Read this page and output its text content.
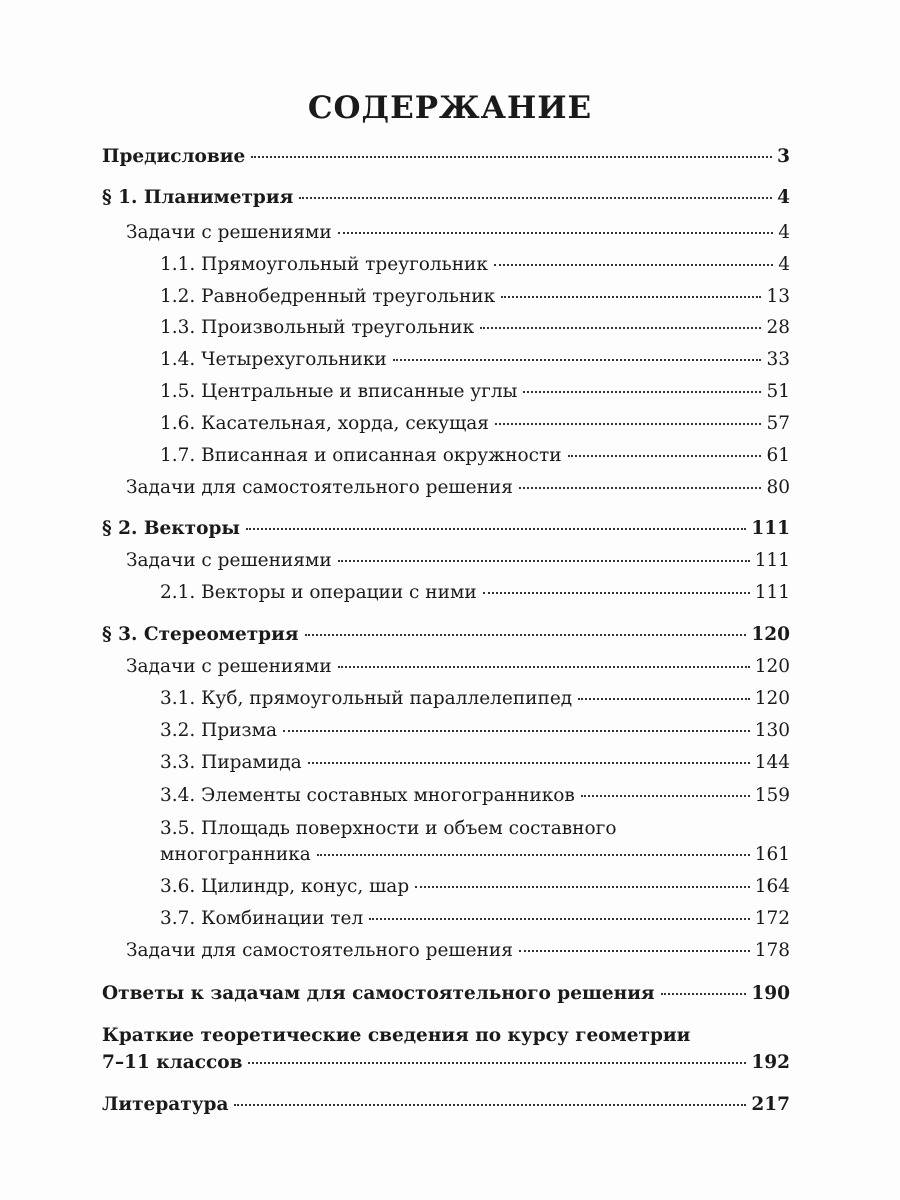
СОДЕРЖАНИЕ
Предисловие	3
§ 1. Планиметрия	4
Задачи с решениями	4
1.1. Прямоугольный треугольник	4
1.2. Равнобедренный треугольник	13
1.3. Произвольный треугольник	28
1.4. Четырехугольники	33
1.5. Центральные и вписанные углы	51
1.6. Касательная, хорда, секущая	57
1.7. Вписанная и описанная окружности	61
Задачи для самостоятельного решения	80
§ 2. Векторы	111
Задачи с решениями	111
2.1. Векторы и операции с ними	111
§ 3. Стереометрия	120
Задачи с решениями	120
3.1. Куб, прямоугольный параллелепипед	120
3.2. Призма	130
3.3. Пирамида	144
3.4. Элементы составных многогранников	159
3.5. Площадь поверхности и объем составного
многогранника	161
3.6. Цилиндр, конус, шар	164
3.7. Комбинации тел	172
Задачи для самостоятельного решения	178
Ответы к задачам для самостоятельного решения	190
Краткие теоретические сведения по курсу геометрии
7–11 классов	192
Литература	217
